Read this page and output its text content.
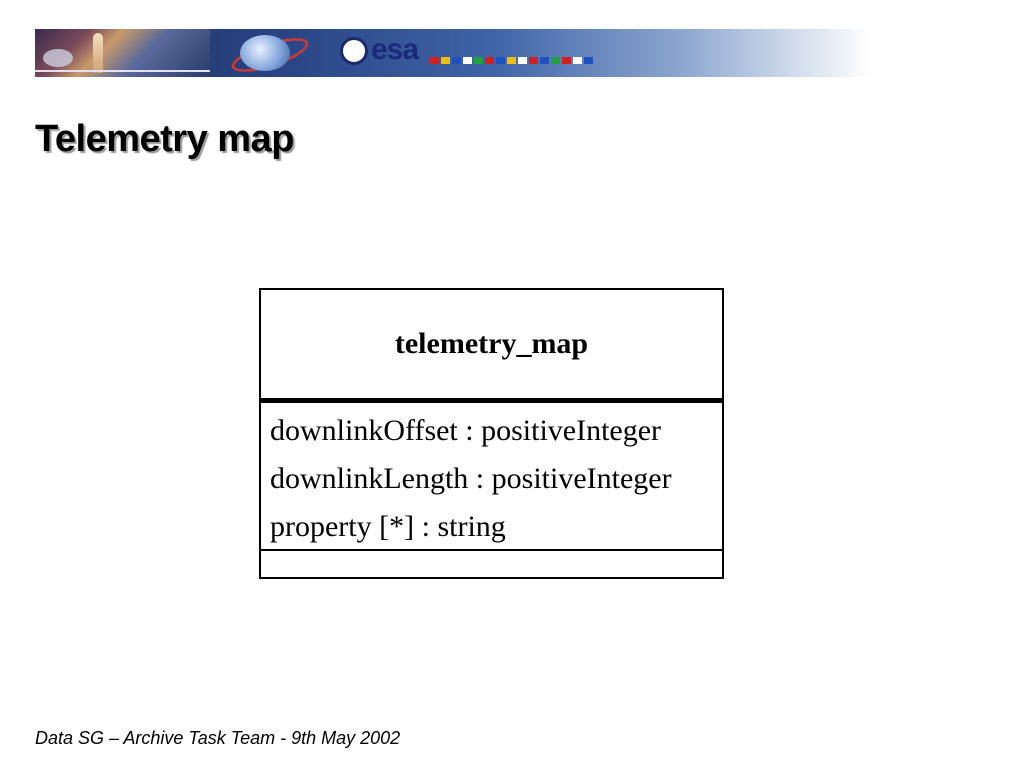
esa
Telemetry map
telemetry_map
downlinkOffset : positiveInteger
downlinkLength : positiveInteger
property [*] : string
Data SG – Archive Task Team - 9th May 2002
